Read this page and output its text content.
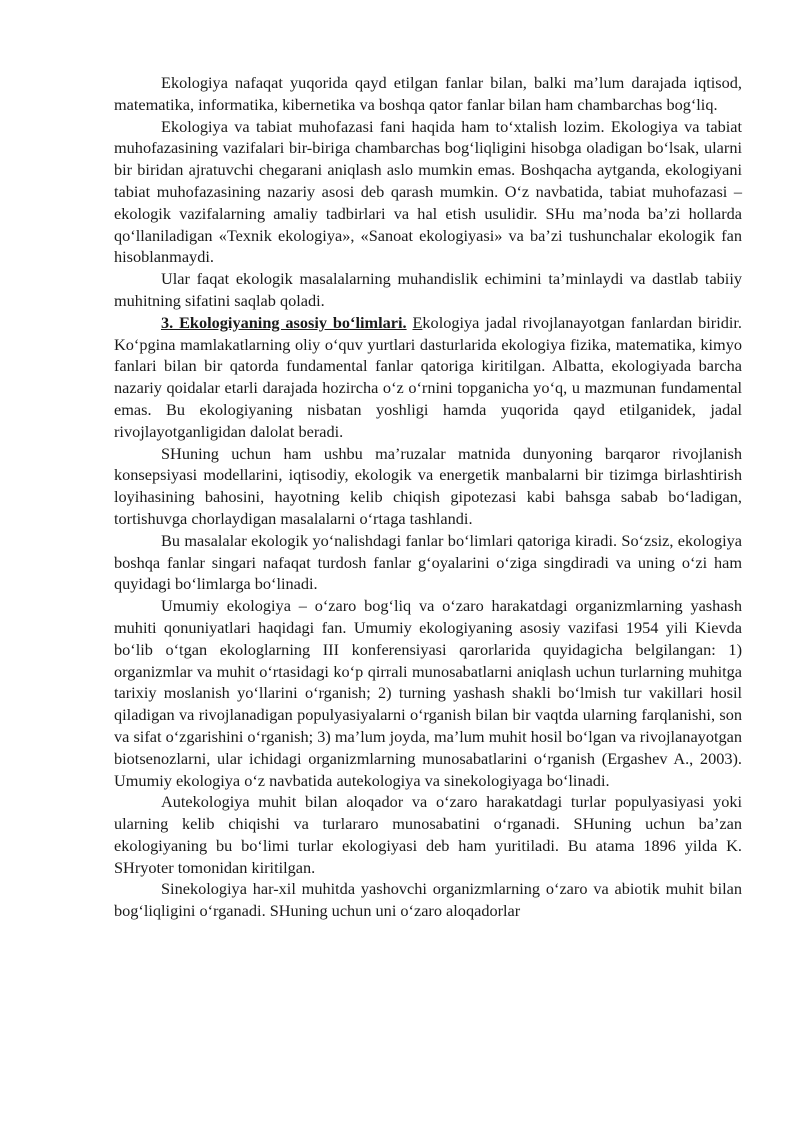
Ekologiya nafaqat yuqorida qayd etilgan fanlar bilan, balki ma’lum darajada iqtisod, matematika, informatika, kibernetika va boshqa qator fanlar bilan ham chambarchas bog‘liq.

Ekologiya va tabiat muhofazasi fani haqida ham to‘xtalish lozim. Ekologiya va tabiat muhofazasining vazifalari bir-biriga chambarchas bog‘liqligini hisobga oladigan bo‘lsak, ularni bir biridan ajratuvchi chegarani aniqlash aslo mumkin emas. Boshqacha aytganda, ekologiyani tabiat muhofazasining nazariy asosi deb qarash mumkin. O‘z navbatida, tabiat muhofazasi – ekologik vazifalarning amaliy tadbirlari va hal etish usulidir. SHu ma’noda ba’zi hollarda qo‘llaniladigan «Texnik ekologiya», «Sanoat ekologiyasi» va ba’zi tushunchalar ekologik fan hisoblanmaydi.

Ular faqat ekologik masalalarning muhandislik echimini ta’minlaydi va dastlab tabiiy muhitning sifatini saqlab qoladi.

3. Ekologiyaning asosiy bo‘limlari. Ekologiya jadal rivojlanayotgan fanlardan biridir. Ko‘pgina mamlakatlarning oliy o‘quv yurtlari dasturlarida ekologiya fizika, matematika, kimyo fanlari bilan bir qatorda fundamental fanlar qatoriga kiritilgan. Albatta, ekologiyada barcha nazariy qoidalar etarli darajada hozircha o‘z o‘rnini topganicha yo‘q, u mazmunan fundamental emas. Bu ekologiyaning nisbatan yoshligi hamda yuqorida qayd etilganidek, jadal rivojlayotganligidan dalolat beradi.

SHuning uchun ham ushbu ma’ruzalar matnida dunyoning barqaror rivojlanish konsepsiyasi modellarini, iqtisodiy, ekologik va energetik manbalarni bir tizimga birlashtirish loyihasining bahosini, hayotning kelib chiqish gipotezasi kabi bahsga sabab bo‘ladigan, tortishuvga chorlaydigan masalalarni o‘rtaga tashlandi.

Bu masalalar ekologik yo‘nalishdagi fanlar bo‘limlari qatoriga kiradi. So‘zsiz, ekologiya boshqa fanlar singari nafaqat turdosh fanlar g‘oyalarini o‘ziga singdiradi va uning o‘zi ham quyidagi bo‘limlarga bo‘linadi.

Umumiy ekologiya – o‘zaro bog‘liq va o‘zaro harakatdagi organizmlarning yashash muhiti qonuniyatlari haqidagi fan. Umumiy ekologiyaning asosiy vazifasi 1954 yili Kievda bo‘lib o‘tgan ekologlarning III konferensiyasi qarorlarida quyidagicha belgilangan: 1) organizmlar va muhit o‘rtasidagi ko‘p qirrali munosabatlarni aniqlash uchun turlarning muhitga tarixiy moslanish yo‘llarini o‘rganish; 2) turning yashash shakli bo‘lmish tur vakillari hosil qiladigan va rivojlanadigan populyasiyalarni o‘rganish bilan bir vaqtda ularning farqlanishi, son va sifat o‘zgarishini o‘rganish; 3) ma’lum joyda, ma’lum muhit hosil bo‘lgan va rivojlanayotgan biotsenozlarni, ular ichidagi organizmlarning munosabatlarini o‘rganish (Ergashev A., 2003). Umumiy ekologiya o‘z navbatida autekologiya va sinekologiyaga bo‘linadi.

Autekologiya muhit bilan aloqador va o‘zaro harakatdagi turlar populyasiyasi yoki ularning kelib chiqishi va turlararo munosabatini o‘rganadi. SHuning uchun ba’zan ekologiyaning bu bo‘limi turlar ekologiyasi deb ham yuritiladi. Bu atama 1896 yilda K. SHryoter tomonidan kiritilgan.

Sinekologiya har-xil muhitda yashovchi organizmlarning o‘zaro va abiotik muhit bilan bog‘liqligini o‘rganadi. SHuning uchun uni o‘zaro aloqadorlar
